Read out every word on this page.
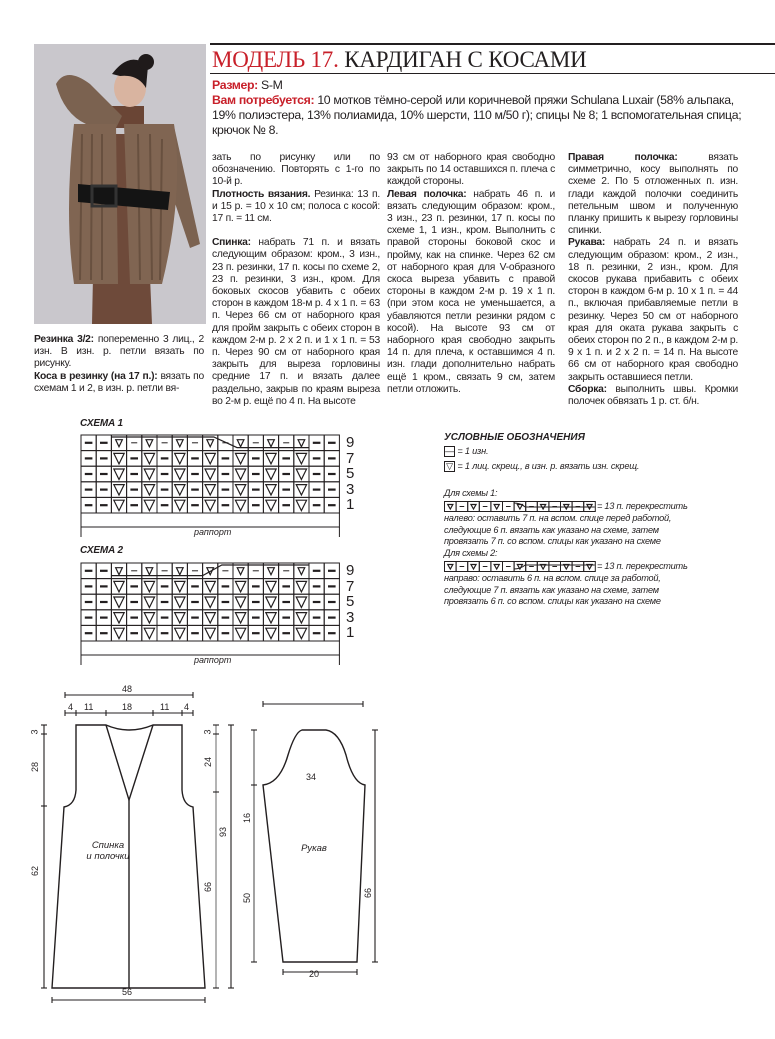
МОДЕЛЬ 17. КАРДИГАН С КОСАМИ
Размер: S-M
Вам потребуется: 10 мотков тёмно-серой или коричневой пряжи Schulana Luxair (58% альпака, 19% полиэстера, 13% полиамида, 10% шерсти, 110 м/50 г); спицы № 8; 1 вспомогательная спица; крючок № 8.

Резинка 3/2: попеременно 3 лиц., 2 изн. В изн. р. петли вязать по рисунку.

Коса в резинку (на 17 п.): вязать по схемам 1 и 2, в изн. р. петли вя-

зать по рисунку или по обозначению. Повторять с 1-го по 10-й р.

Плотность вязания. Резинка: 13 п. и 15 р. = 10 х 10 см; полоса с косой: 17 п. = 11 см.

Спинка: набрать 71 п. и вязать следующим образом: кром., 3 изн., 23 п. резинки, 17 п. косы по схеме 2, 23 п. резинки, 3 изн., кром. Для боковых скосов убавить с обеих сторон в каждом 18-м р. 4 х 1 п. = 63 п. Через 66 см от наборного края для пройм закрыть с обеих сторон в каждом 2-м р. 2 х 2 п. и 1 х 1 п. = 53 п. Через 90 см от наборного края закрыть для выреза горловины средние 17 п. и вязать далее раздельно, закрыв по краям выреза во 2-м р. ещё по 4 п. На высоте

93 см от наборного края свободно закрыть по 14 оставшихся п. плеча с каждой стороны.

Левая полочка: набрать 46 п. и вязать следующим образом: кром., 3 изн., 23 п. резинки, 17 п. косы по схеме 1, 1 изн., кром. Выполнить с правой стороны боковой скос и пройму, как на спинке. Через 62 см от наборного края для V-образного скоса выреза убавить с правой стороны в каждом 2-м р. 19 х 1 п. (при этом коса не уменьшается, а убавляются петли резинки рядом с косой). На высоте 93 см от наборного края свободно закрыть 14 п. для плеча, к оставшимся 4 п. изн. глади дополнительно набрать ещё 1 кром., связать 9 см, затем петли отложить.

Правая полочка:	вязать симметрично, косу выполнять по схеме 2. По 5 отложенных п. изн. глади каждой полочки соединить петельным швом и полученную планку пришить к вырезу горловины спинки.

Рукава: набрать 24 п. и вязать следующим образом: кром., 2 изн., 18 п. резинки, 2 изн., кром. Для скосов рукава прибавить с обеих сторон в каждом 6-м р. 10 х 1 п. = 44 п., включая прибавляемые петли в резинку. Через 50 см от наборного края для оката рукава закрыть с обеих сторон по 2 п., в каждом 2-м р. 9 х 1 п. и 2 х 2 п. = 14 п. На высоте 66 см от наборного края свободно закрыть оставшиеся петли.

Сборка: выполнить швы. Кромки полочек обвязать 1 р. ст. б/н.

СХЕМА 1
9
7
5
3
1
раппорт
СХЕМА 2
9
7
5
3
1
раппорт
УСЛОВНЫЕ ОБОЗНАЧЕНИЯ
— = 1 изн.
▽ = 1 лиц. скрещ., в изн. р. вязать изн. скрещ.
Для схемы 1:
= 13 п. перекрестить
налево: оставить 7 п. на вспом. спице перед работой, следующие 6 п. вязать как указано на схеме, затем провязать 7 п. со вспом. спицы как указано на схеме
Для схемы 2:
= 13 п. перекрестить
направо: оставить 6 п. на вспом. спице за работой, следующие 7 п. вязать как указано на схеме, затем провязать 6 п. со вспом. спицы как указано на схеме
48
4 11	18	11 4
3
28
62
3
24
66
93
56
Спинка
и полочки
34
16
50	66
20
Рукав
